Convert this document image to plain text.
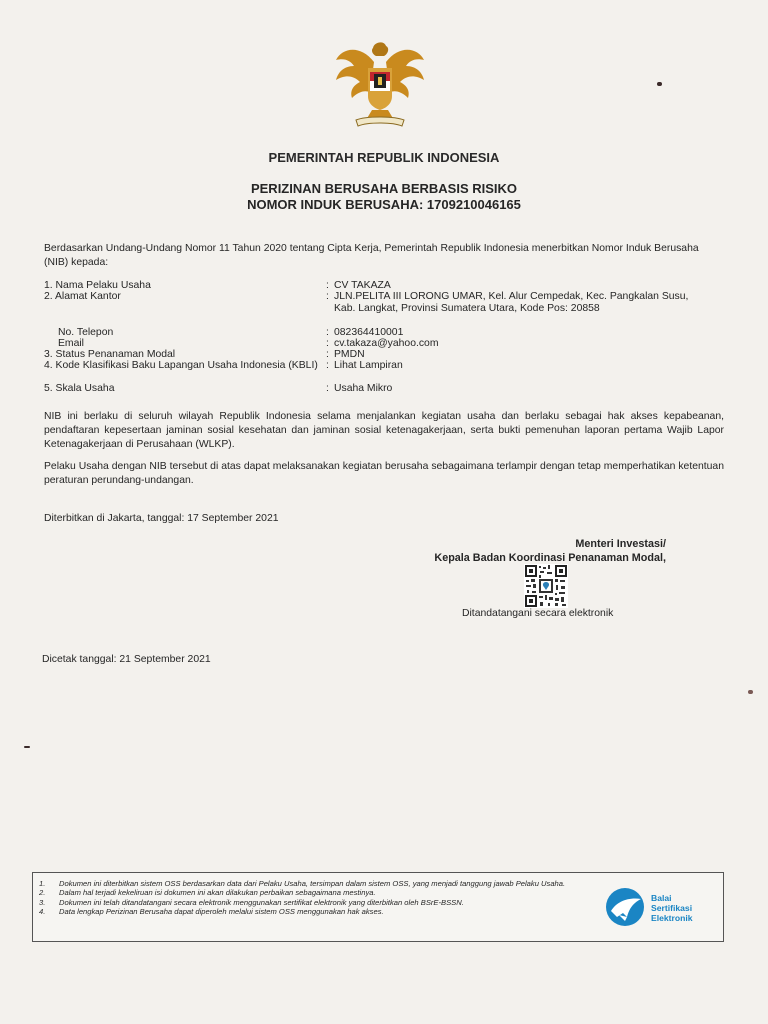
PEMERINTAH REPUBLIK INDONESIA
PERIZINAN BERUSAHA BERBASIS RISIKO
NOMOR INDUK BERUSAHA: 1709210046165
Berdasarkan Undang-Undang Nomor 11 Tahun 2020 tentang Cipta Kerja, Pemerintah Republik Indonesia menerbitkan Nomor Induk Berusaha (NIB) kepada:
1. Nama Pelaku Usaha	: CV TAKAZA
2. Alamat Kantor	: JLN.PELITA III LORONG UMAR, Kel. Alur Cempedak, Kec. Pangkalan Susu, Kab. Langkat, Provinsi Sumatera Utara, Kode Pos: 20858
No. Telepon	: 082364410001
Email	: cv.takaza@yahoo.com
3. Status Penanaman Modal	: PMDN
4. Kode Klasifikasi Baku Lapangan Usaha Indonesia (KBLI) : Lihat Lampiran
5. Skala Usaha	: Usaha Mikro
NIB ini berlaku di seluruh wilayah Republik Indonesia selama menjalankan kegiatan usaha dan berlaku sebagai hak akses kepabeanan, pendaftaran kepesertaan jaminan sosial kesehatan dan jaminan sosial ketenagakerjaan, serta bukti pemenuhan laporan pertama Wajib Lapor Ketenagakerjaan di Perusahaan (WLKP).
Pelaku Usaha dengan NIB tersebut di atas dapat melaksanakan kegiatan berusaha sebagaimana terlampir dengan tetap memperhatikan ketentuan peraturan perundang-undangan.
Diterbitkan di Jakarta, tanggal: 17 September 2021
Menteri Investasi/
Kepala Badan Koordinasi Penanaman Modal,
Ditandatangani secara elektronik
Dicetak tanggal: 21 September 2021
1. Dokumen ini diterbitkan sistem OSS berdasarkan data dari Pelaku Usaha, tersimpan dalam sistem OSS, yang menjadi tanggung jawab Pelaku Usaha.
2. Dalam hal terjadi kekeliruan isi dokumen ini akan dilakukan perbaikan sebagaimana mestinya.
3. Dokumen ini telah ditandatangani secara elektronik menggunakan sertifikat elektronik yang diterbitkan oleh BSrE-BSSN.
4. Data lengkap Perizinan Berusaha dapat diperoleh melalui sistem OSS menggunakan hak akses.
Balai
Sertifikasi
Elektronik
